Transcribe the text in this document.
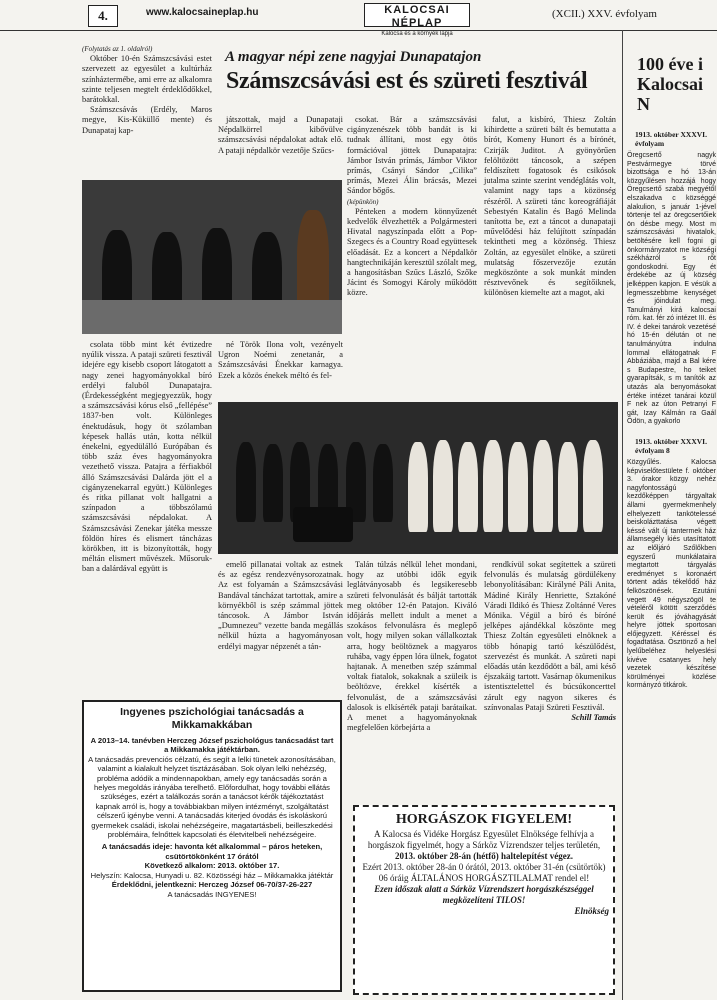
4.	www.kalocsaineplap.hu	KALOCSAI NÉPLAP
Kalocsa és a környék lapja
(XCII.) XXV. évfolyam
A magyar népi zene nagyjai Dunapatajon
Számszcsávási est és szüreti fesztivál
(Folytatás az 1. oldalról)

Október 10-én Számszcsávási estet szervezett az egyesület a kultúrház színháztermébe, ami erre az alkalomra szinte teljesen megtelt érdeklődőkkel, barátokkal.

Számszcsávás (Erdély, Maros megye, Kis-Küküllő mente) és Dunapataj kap-

játszottak, majd a Dunapataji Népdalkörrel kibővülve számszcsávási népdalokat adtak elő. A pataji népdalkör vezetője Szűcs-

csokat. Bár a számszcsávási cigányzenészek több bandát is ki tudnak állítani, most egy ötös formációval jöttek Dunapatajra: Jámbor István prímás, Jámbor Viktor prímás, Csányi Sándor „Cilika” prímás, Mezei Álin brácsás, Mezei Sándor bőgős.

(képünkön)

Pénteken a modern könnyűzenét kedvelők élvezhették a Polgármesteri Hivatal nagyszínpada előtt a Pop-Szegecs és a Country Road együttesek előadását. Ez a koncert a Népdalkör hangtechnikáján keresztül szólalt meg, a hangosításban Szűcs László, Szőke Jácint és Somogyi Károly működött közre.

falut, a kisbíró, Thiesz Zoltán kihirdette a szüreti bált és bemutatta a bírót, Komeny Hunort és a bírónét, Czirják Juditot. A gyönyörűen felöltözött táncosok, a szépen feldíszített fogatosok és csikósok jutalma szinte szerint vendéglátás volt, valamint nagy taps a közönség részéről. A szüreti tánc koreográfiáját Sebestyén Katalin és Bagó Melinda tanította be, ezt a táncot a dunapataji művelődési ház felújított színpadán tekintheti meg a közönség. Thiesz Zoltán, az egyesület elnöke, a szüreti mulatság főszervezője ezután megköszönte a sok munkát minden résztvevőnek és segítőiknek, különösen kiemelte azt a magot, aki

csolata több mint két évtizedre nyúlik vissza. A pataji szüreti fesztivál idejére egy kisebb csoport látogatott a nagy zenei hagyományokkal bíró erdélyi faluból Dunapatajra. (Érdekességként megjegyezzük, hogy a számszcsávási kórus első „fellépése” 1837-ben volt. Különleges énektudásuk, hogy öt szólamban képesek hallás után, kotta nélkül énekelni, egyedülálló Európában és több száz éves hagyományokra vezethető vissza. Patajra a férfiakból álló Számszcsávási Dalárda jött el a cigányzenekarral együtt.) Különleges és ritka pillanat volt hallgatni a színpadon a többszólamú számszcsávási népdalokat. A Számszcsávási Zenekar játéka messze földön híres és elismert táncházas körökben, itt is bizonyították, hogy méltán elismert művészek. Műsoruk-ban a dalárdával együtt is

né Török Ilona volt, vezényelt Ugron Noémi zenetanár, a Számszcsávási Énekkar karnagya. Ezek a közös énekek méltó és fel-

emelő pillanatai voltak az estnek és az egész rendezvénysorozatnak. Az est folyamán a Számszcsávási Bandával táncházat tartottak, amire a környékből is szép számmal jöttek táncosok. A Jámbor István „Dumnezeu” vezette banda megállás nélkül húzta a hagyományosan erdélyi magyar népzenét a tán-

Talán túlzás nélkül lehet mondani, hogy az utóbbi idők egyik leglátványosabb és legsikeresebb szüreti felvonulását és bálját tartották meg október 12-én Patajon. Kiváló időjárás mellett indult a menet a szokásos felvonulásra és meglepő volt, hogy milyen sokan vállalkoztak arra, hogy beöltöznek a magyaros ruhába, vagy éppen lóra ülnek, fogatot hajtanak. A menetben szép számmal voltak fiatalok, sokaknak a szüleik is beöltözve, érekkel kísérték a felvonulást, de a számszcsávási dalosok is elkísérték pataji barátaikat. A menet a hagyományoknak megfelelően körbejárta a

rendkívül sokat segítettek a szüreti felvonulás és mulatság gördülékeny lebonyolításában: Királyné Páli Anita, Mádiné Király Henriette, Sztakóné Váradi Ildikó és Thiesz Zoltánné Veres Mónika. Végül a bíró és bíróné jelképes ajándékkal köszönte meg Thiesz Zoltán egyesületi elnöknek a több hónapig tartó készülődést, szervezést és munkát. A szüreti napi előadás után kezdődött a bál, ami késő éjszakáig tartott. Vasárnap ökumenikus istentisztelettel és búcsúkoncerttel zárult egy nagyon sikeres és színvonalas Pataji Szüreti Fesztivál.

Schill Tamás
Ingyenes pszichológiai tanácsadás a Mikkamakkában
A 2013–14. tanévben Herczeg József pszichológus tanácsadást tart a Mikkamakka játéktárban.
A tanácsadás prevenciós célzatú, és segít a lelki tünetek azonosításában, valamint a kialakult helyzet tisztázásában. Sok olyan lelki nehézség, probléma adódik a mindennapokban, amely egy tanácsadás során a helyes megoldás irányába terelhető. Előfordulhat, hogy további ellátás szükséges, ezért a találkozás során a tanácsot kérők tájékoztatást kapnak arról is, hogy a továbbiakban milyen intézményt, szolgáltatást célszerű igénybe venni. A tanácsadás kiterjed óvodás és iskoláskorú gyermekek családi, iskolai nehézségeire, magatartásbeli, beilleszkedési problémáira, felnőttek kapcsolati és életvitelbeli nehézségeire.
A tanácsadás ideje: havonta két alkalommal – páros heteken, csütörtökönként 17 órától
Következő alkalom: 2013. október 17.
Helyszín: Kalocsa, Hunyadi u. 82. Közösségi ház – Mikkamakka játéktár
Érdeklődni, jelentkezni: Herczeg József 06-70/37-26-227
A tanácsadás INGYENES!
HORGÁSZOK FIGYELEM!
A Kalocsa és Vidéke Horgász Egyesület Elnöksége felhívja a horgászok figyelmét, hogy a Sárköz Vízrendszer teljes területén,
2013. október 28-án (hétfő) haltelepítést végez.
Ezért 2013. október 28-án 0 órától, 2013. október 31-én (csütörtök) 06 óráig ÁLTALÁNOS HORGÁSZTILALMAT rendel el!
Ezen időszak alatt a Sárköz Vízrendszert horgászkészséggel megközelíteni TILOS!
Elnökség
100 éve i Kalocsai N
1913. október XXXVI. évfolyam
Öregcsertő nagyk Pestvármegye törvé bizottsága e hó 13-án közgyűlésen hozzájá hogy Öregcsertő szabá megyétől elszakadva c községgé alakulion, s január 1-jével törtenje tel az öregcsertőiek ön désbe megy. Most m számszcsávási hivatalok, betöltésére kell fogni gi önkormányzatot me községi székházról s rőt gondoskodni. Egy ét érdekébe az új község jelképpen kapjon. E vésük a legmesszebbme kenységet és jóindulat meg. Tanulmányi kirá kalocsai róm. kat. fér zó intézet III. és IV. é dekei tanárok vezetésé hó 15-én délután ot ne tanulmányútra indulna lommal ellátogatnak F Abbáziába, majd a Bal kére s Budapestre, ho teiket gyarapítsák, s m tanítók az utazás ala benyomásokat értéke intézet tanárai közül F nek az úton Petranyi F gát, Izay Kálmán ra Gaál Ödön, a gyakorlo
1913. október XXXVI. évfolyam 8
Közgyűlés. Kalocsa képviselőtestülete f. október 3. órakor közgy nehéz nagyfontosságú kezdőképpen tárgyaltak állami gyermekmenhely elhelyezett tankötelessé beiskolázttatása végett késsé vált új tantermek ház államsegély kiés utasíttatott az előljáró Szőlőkben egyszerű munkálataira megtartott tárgyalás eredményet s koronaért törtent adás tékelődő ház felköszönések. Ezutáni vegett 49 négyszögöl te vételéről kötött szerződés került és jóváhagyását helyre jöttek sportosan előjegyzett. Kéréssel és fogadtatása. Ösztönző a hel lyelűbeléhez helyeslési kivéve csatanyes hely vezetek készítése körülményei közlése kormányzó titkárok.
